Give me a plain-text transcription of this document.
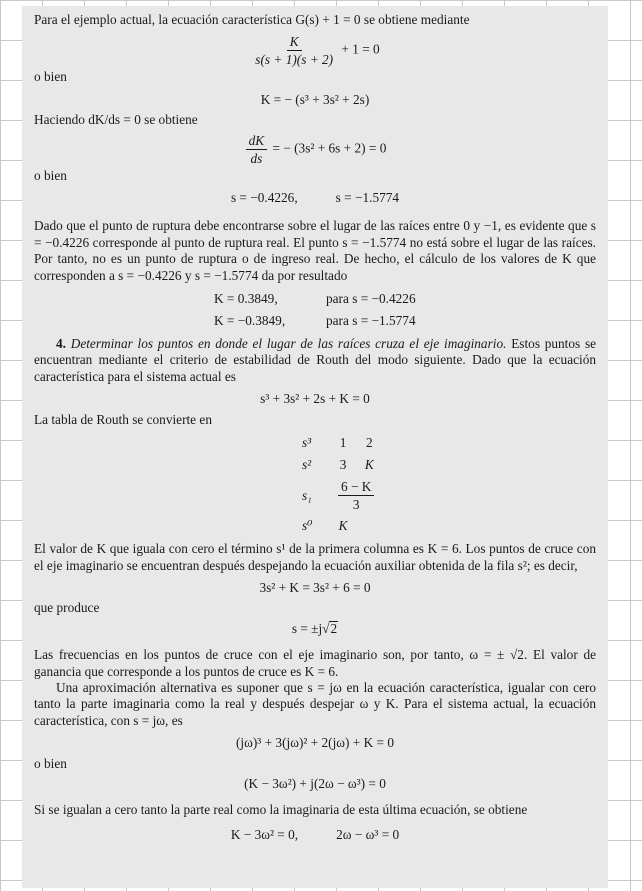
Para el ejemplo actual, la ecuación característica G(s) + 1 = 0 se obtiene mediante

$\frac{K}{s(s + 1)(s + 2)} + 1 = 0$

o bien

K = − (s³ + 3s² + 2s)

Haciendo dK/ds = 0 se obtiene

$\frac{dK}{ds}$ = − (3s² + 6s + 2) = 0

o bien

s = −0.4226,	s = −1.5774

Dado que el punto de ruptura debe encontrarse sobre el lugar de las raíces entre 0 y −1, es evidente que s = −0.4226 corresponde al punto de ruptura real. El punto s = −1.5774 no está sobre el lugar de las raíces. Por tanto, no es un punto de ruptura o de ingreso real. De hecho, el cálculo de los valores de K que corresponden a s = −0.4226 y s = −1.5774 da por resultado

K = 0.3849,	para s = −0.4226
K = −0.3849,	para s = −1.5774

4. Determinar los puntos en donde el lugar de las raíces cruza el eje imaginario. Estos puntos se encuentran mediante el criterio de estabilidad de Routh del modo siguiente. Dado que la ecuación característica para el sistema actual es

s³ + 3s² + 2s + K = 0

La tabla de Routh se convierte en

s³	1	2
s²	3	K
s₁	$\frac{6 - K}{3}$

s⁰	K	

El valor de K que iguala con cero el término s¹ de la primera columna es K = 6. Los puntos de cruce con el eje imaginario se encuentran después despejando la ecuación auxiliar obtenida de la fila s²; es decir,

3s² + K = 3s² + 6 = 0

que produce

s = ±j√2

Las frecuencias en los puntos de cruce con el eje imaginario son, por tanto, ω = ± √2. El valor de ganancia que corresponde a los puntos de cruce es K = 6.

Una aproximación alternativa es suponer que s = jω en la ecuación característica, igualar con cero tanto la parte imaginaria como la real y después despejar ω y K. Para el sistema actual, la ecuación característica, con s = jω, es

(jω)³ + 3(jω)² + 2(jω) + K = 0

o bien

(K − 3ω²) + j(2ω − ω³) = 0

Si se igualan a cero tanto la parte real como la imaginaria de esta última ecuación, se obtiene

K − 3ω² = 0,	2ω − ω³ = 0
